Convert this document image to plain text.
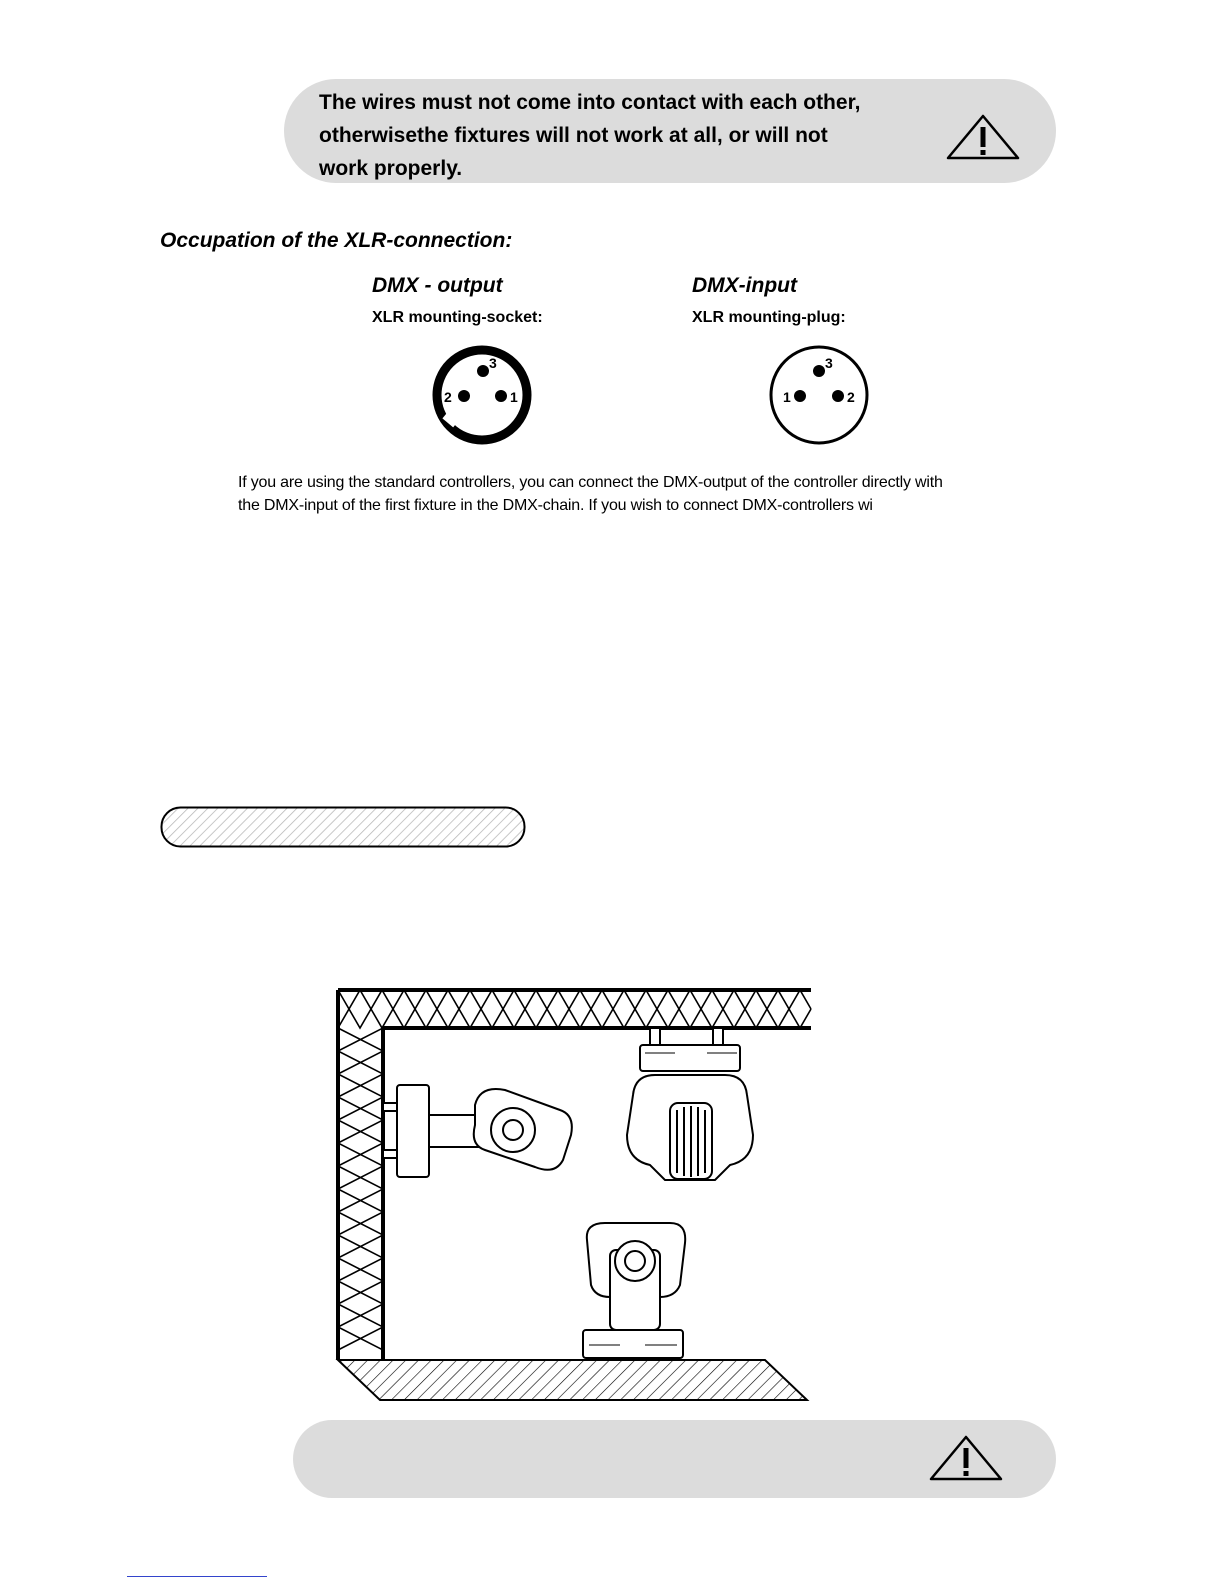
The wires must not come into contact with each other,
otherwisethe fixtures will not work at all, or will not
work properly.

Occupation of the XLR-connection:
DMX - output

XLR mounting-socket:

DMX-input

XLR mounting-plug:

2	1
3
1	2
3

If you are using the standard controllers, you can connect the DMX-output of the controller directly with
the DMX-input of the first fixture in the DMX-chain. If you wish to connect DMX-controllers wi
